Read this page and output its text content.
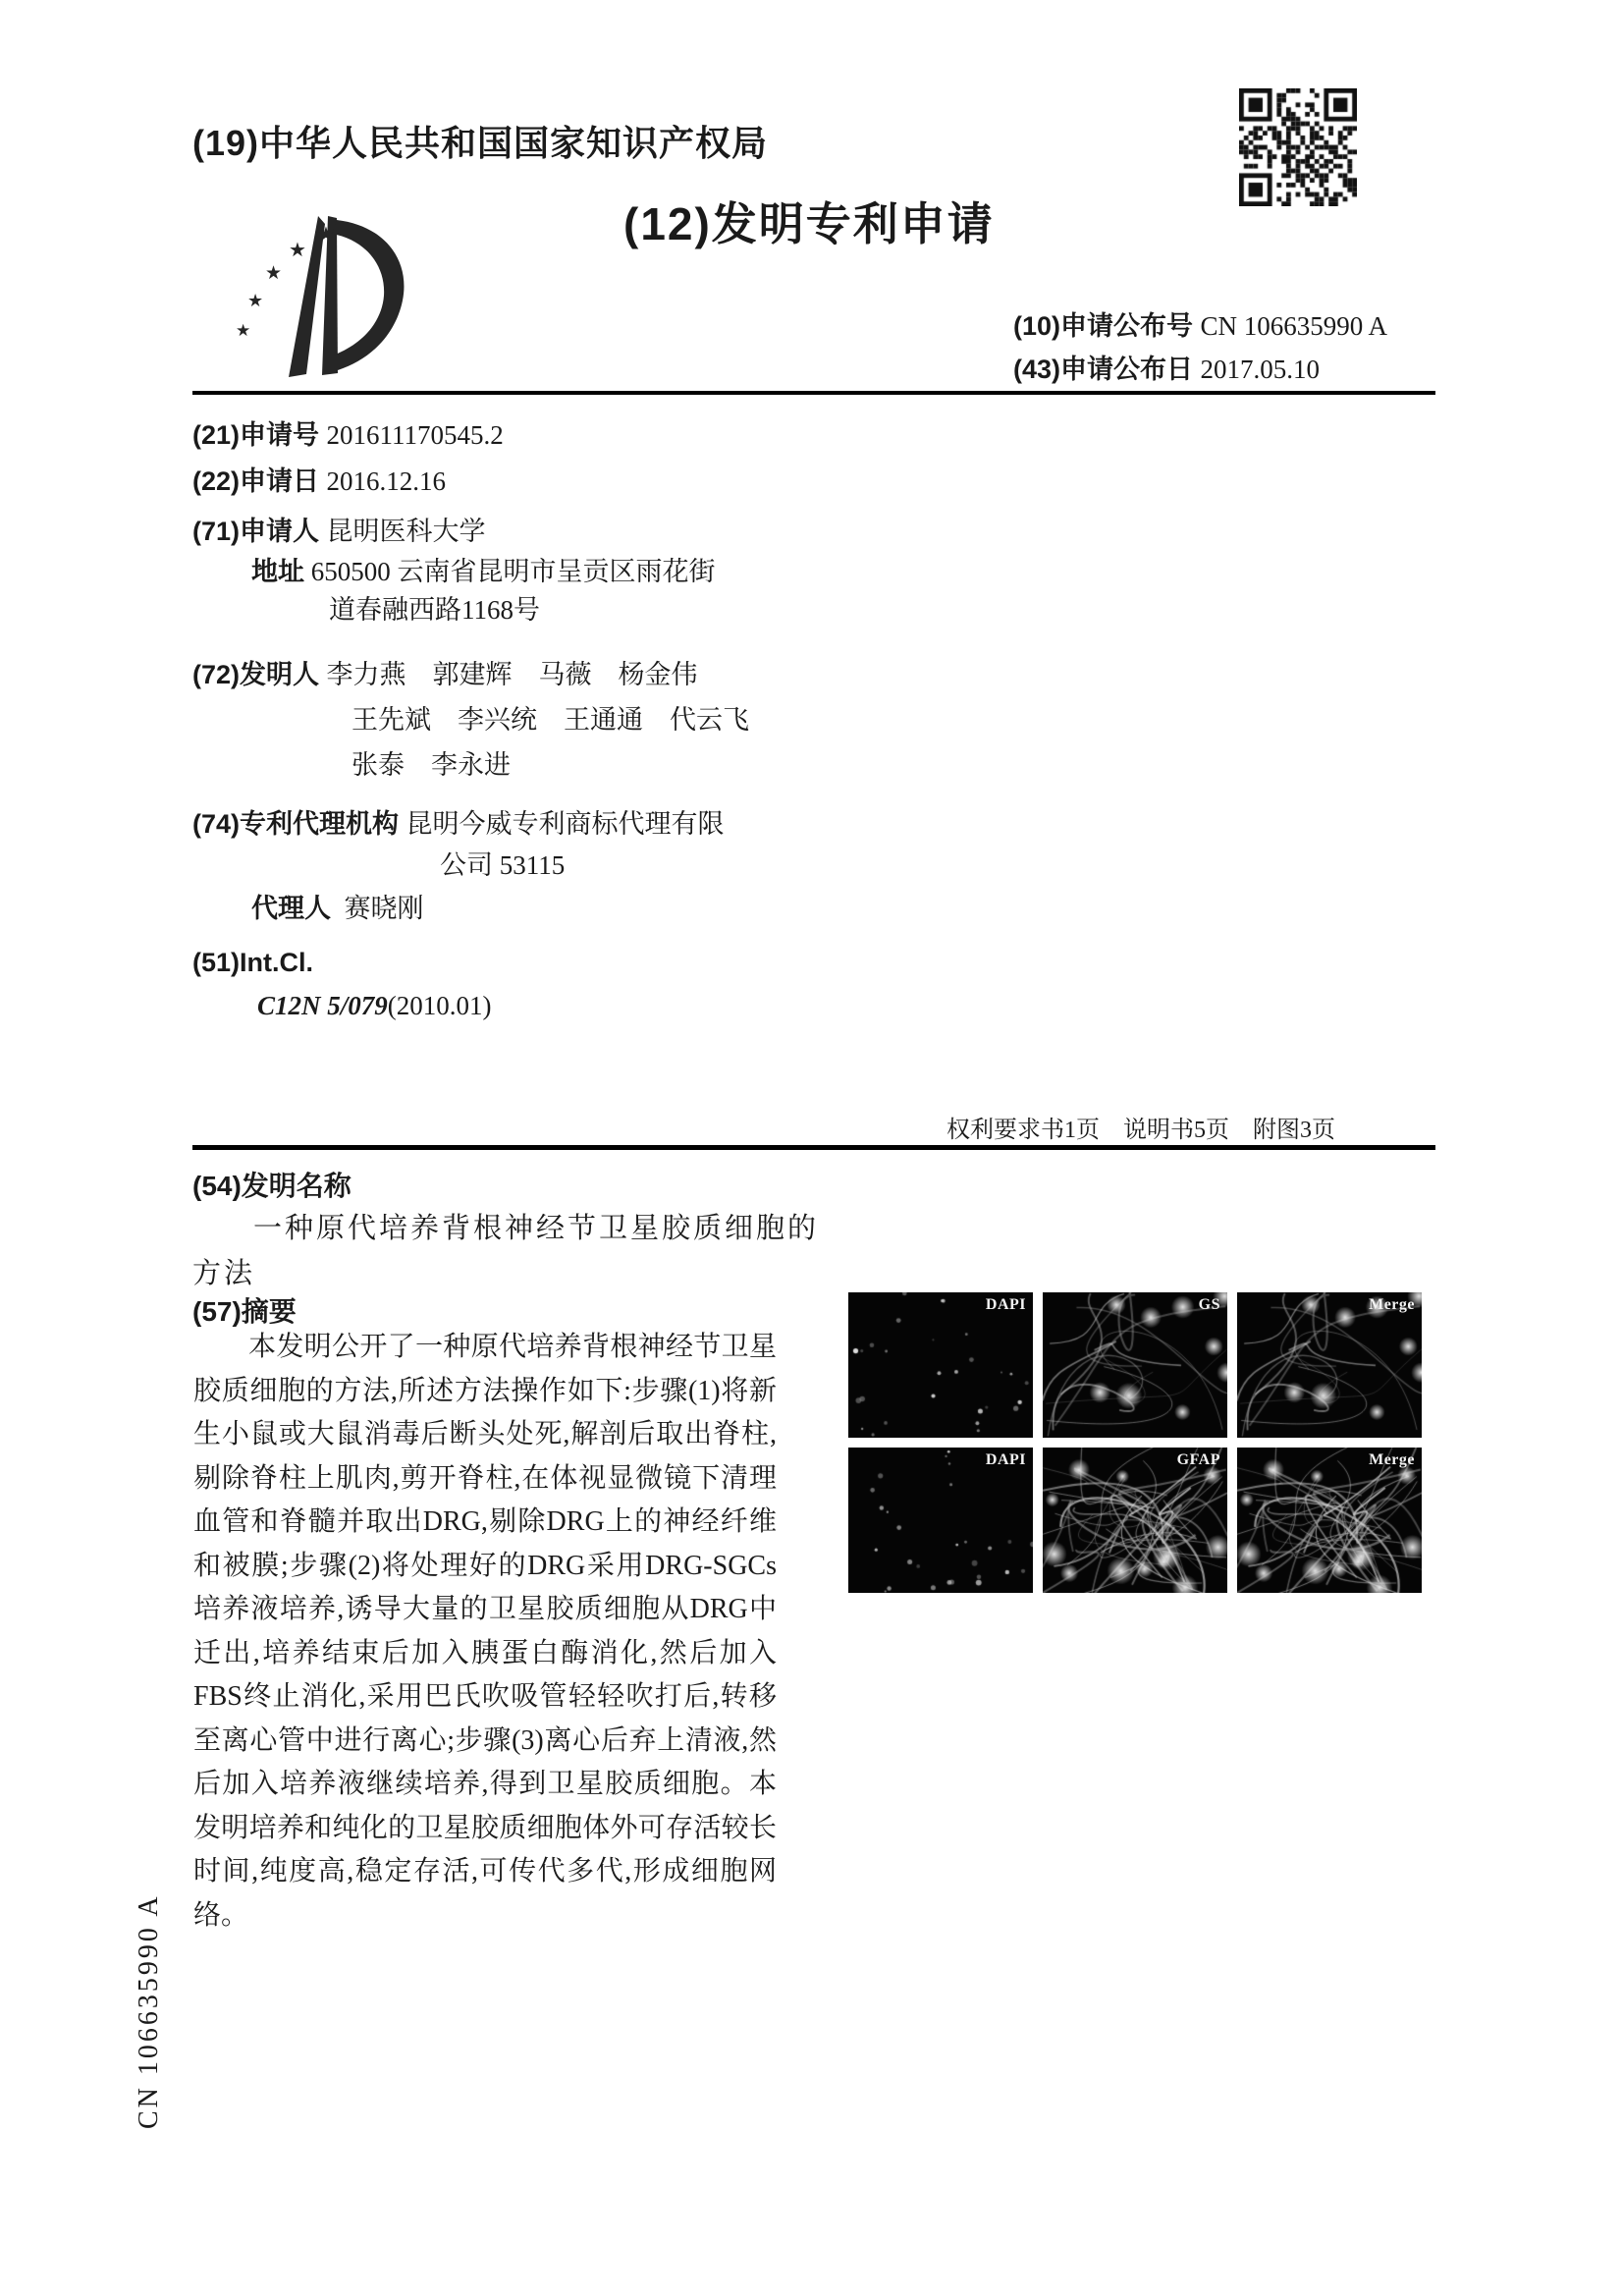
(19)中华人民共和国国家知识产权局
★
★
★
★
★	(12)发明专利申请
(10)申请公布号 CN 106635990 A
(43)申请公布日 2017.05.10
(21)申请号 201611170545.2
(22)申请日 2016.12.16
(71)申请人 昆明医科大学
地址 650500 云南省昆明市呈贡区雨花街
道春融西路1168号
(72)发明人 李力燕　郭建辉　马薇　杨金伟
王先斌　李兴统　王通通　代云飞
张泰　李永进
(74)专利代理机构 昆明今威专利商标代理有限
公司 53115
代理人 赛晓刚
(51)Int.Cl.
C12N 5/079(2010.01)
权利要求书1页　说明书5页　附图3页
(54)发明名称
一种原代培养背根神经节卫星胶质细胞的
方法
(57)摘要
本发明公开了一种原代培养背根神经节卫星胶质细胞的方法,所述方法操作如下:步骤(1)将新生小鼠或大鼠消毒后断头处死,解剖后取出脊柱,剔除脊柱上肌肉,剪开脊柱,在体视显微镜下清理血管和脊髓并取出DRG,剔除DRG上的神经纤维和被膜;步骤(2)将处理好的DRG采用DRG-SGCs培养液培养,诱导大量的卫星胶质细胞从DRG中迁出,培养结束后加入胰蛋白酶消化,然后加入FBS终止消化,采用巴氏吹吸管轻轻吹打后,转移至离心管中进行离心;步骤(3)离心后弃上清液,然后加入培养液继续培养,得到卫星胶质细胞。本发明培养和纯化的卫星胶质细胞体外可存活较长时间,纯度高,稳定存活,可传代多代,形成细胞网络。
DAPI	GS	Merge
DAPI	GFAP	Merge
CN 106635990 A
